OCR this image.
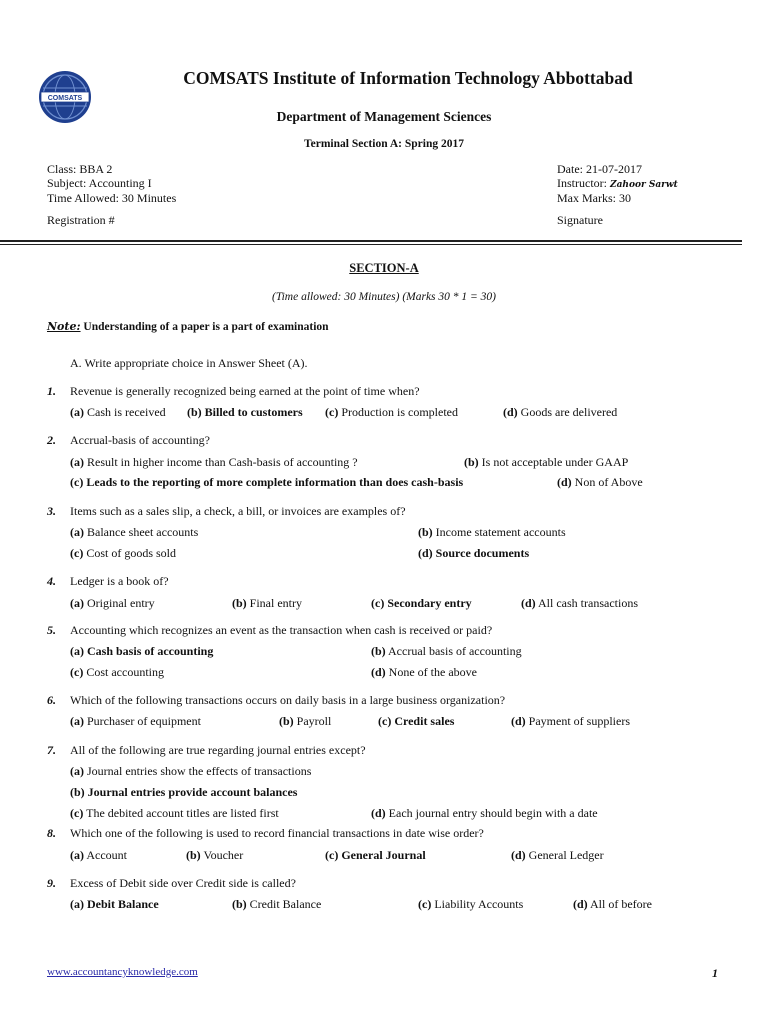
COMSATS
COMSATS Institute of Information Technology Abbottabad
Department of Management Sciences
Terminal Section A: Spring 2017
Class: BBA 2
Subject: Accounting I
Time Allowed: 30 Minutes
Registration #
Date: 21-07-2017
Instructor: Zahoor Sarwt
Max Marks: 30
Signature
SECTION-A
(Time allowed: 30 Minutes) (Marks 30 * 1 = 30)
Note: Understanding of a paper is a part of examination
A. Write appropriate choice in Answer Sheet (A).
1. Revenue is generally recognized being earned at the point of time when?
(a) Cash is received (b) Billed to customers (c) Production is completed	(d) Goods are delivered
2. Accrual-basis of accounting?
(a) Result in higher income than Cash-basis of accounting ?	(b) Is not acceptable under GAAP
(c) Leads to the reporting of more complete information than does cash-basis	(d) Non of Above
3. Items such as a sales slip, a check, a bill, or invoices are examples of?
(a) Balance sheet accounts	(b) Income statement accounts
(c) Cost of goods sold	(d) Source documents
4. Ledger is a book of?
(a) Original entry	(b) Final entry	(c) Secondary entry	(d) All cash transactions
5. Accounting which recognizes an event as the transaction when cash is received or paid?
(a) Cash basis of accounting	(b) Accrual basis of accounting
(c) Cost accounting	(d) None of the above
6. Which of the following transactions occurs on daily basis in a large business organization?
(a) Purchaser of equipment	(b) Payroll	(c) Credit sales	(d) Payment of suppliers
7. All of the following are true regarding journal entries except?
(a) Journal entries show the effects of transactions
(b) Journal entries provide account balances
(c) The debited account titles are listed first	(d) Each journal entry should begin with a date
8. Which one of the following is used to record financial transactions in date wise order?
(a) Account	(b) Voucher	(c) General Journal	(d) General Ledger
9. Excess of Debit side over Credit side is called?
(a) Debit Balance	(b) Credit Balance	(c) Liability Accounts	(d) All of before
www.accountancyknowledge.com	1
